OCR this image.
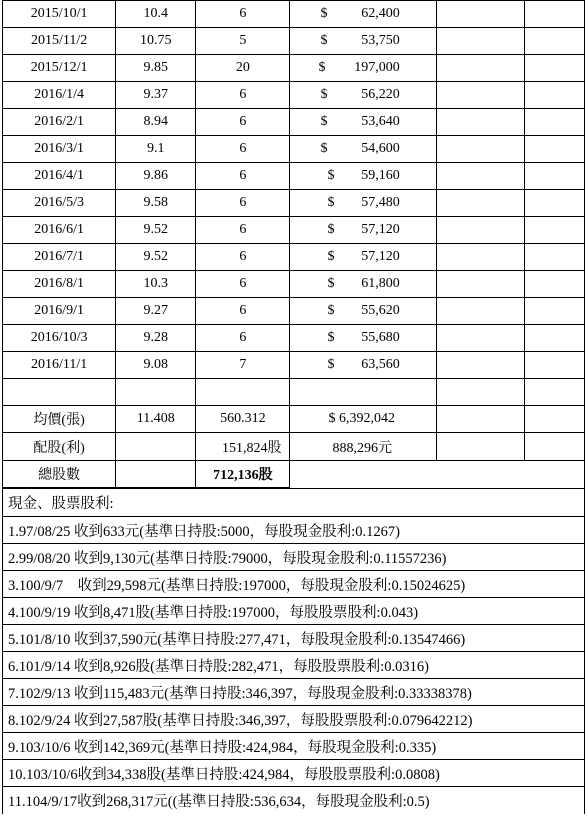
2015/10/1	10.4	6	$ 62,400		

2015/11/2	10.75	5	$ 53,750		

2015/12/1	9.85	20	$ 197,000		

2016/1/4	9.37	6	$ 56,220		

2016/2/1	8.94	6	$ 53,640		

2016/3/1	9.1	6	$ 54,600		

2016/4/1	9.86	6	$ 59,160		

2016/5/3	9.58	6	$ 57,480		

2016/6/1	9.52	6	$ 57,120		

2016/7/1	9.52	6	$ 57,120		

2016/8/1	10.3	6	$ 61,800		

2016/9/1	9.27	6	$ 55,620		

2016/10/3	9.28	6	$ 55,680		

2016/11/1	9.08	7	$ 63,560		

均價(張)	11.408	560.312	$ 6,392,042		
配股(利)		151,824股	888,296元		
總股數		712,136股			
現金、股票股利:
1.97/08/25 收到633元(基準日持股:5000，每股現金股利:0.1267)
2.99/08/20 收到9,130元(基準日持股:79000，每股現金股利:0.11557236)
3.100/9/7　收到29,598元(基準日持股:197000，每股現金股利:0.15024625)
4.100/9/19 收到8,471股(基準日持股:197000，每股股票股利:0.043)
5.101/8/10 收到37,590元(基準日持股:277,471，每股現金股利:0.13547466)
6.101/9/14 收到8,926股(基準日持股:282,471，每股股票股利:0.0316)
7.102/9/13 收到115,483元(基準日持股:346,397，每股現金股利:0.33338378)
8.102/9/24 收到27,587股(基準日持股:346,397，每股股票股利:0.079642212)
9.103/10/6 收到142,369元(基準日持股:424,984，每股現金股利:0.335)
10.103/10/6收到34,338股(基準日持股:424,984，每股股票股利:0.0808)
11.104/9/17收到268,317元((基準日持股:536,634，每股現金股利:0.5)
